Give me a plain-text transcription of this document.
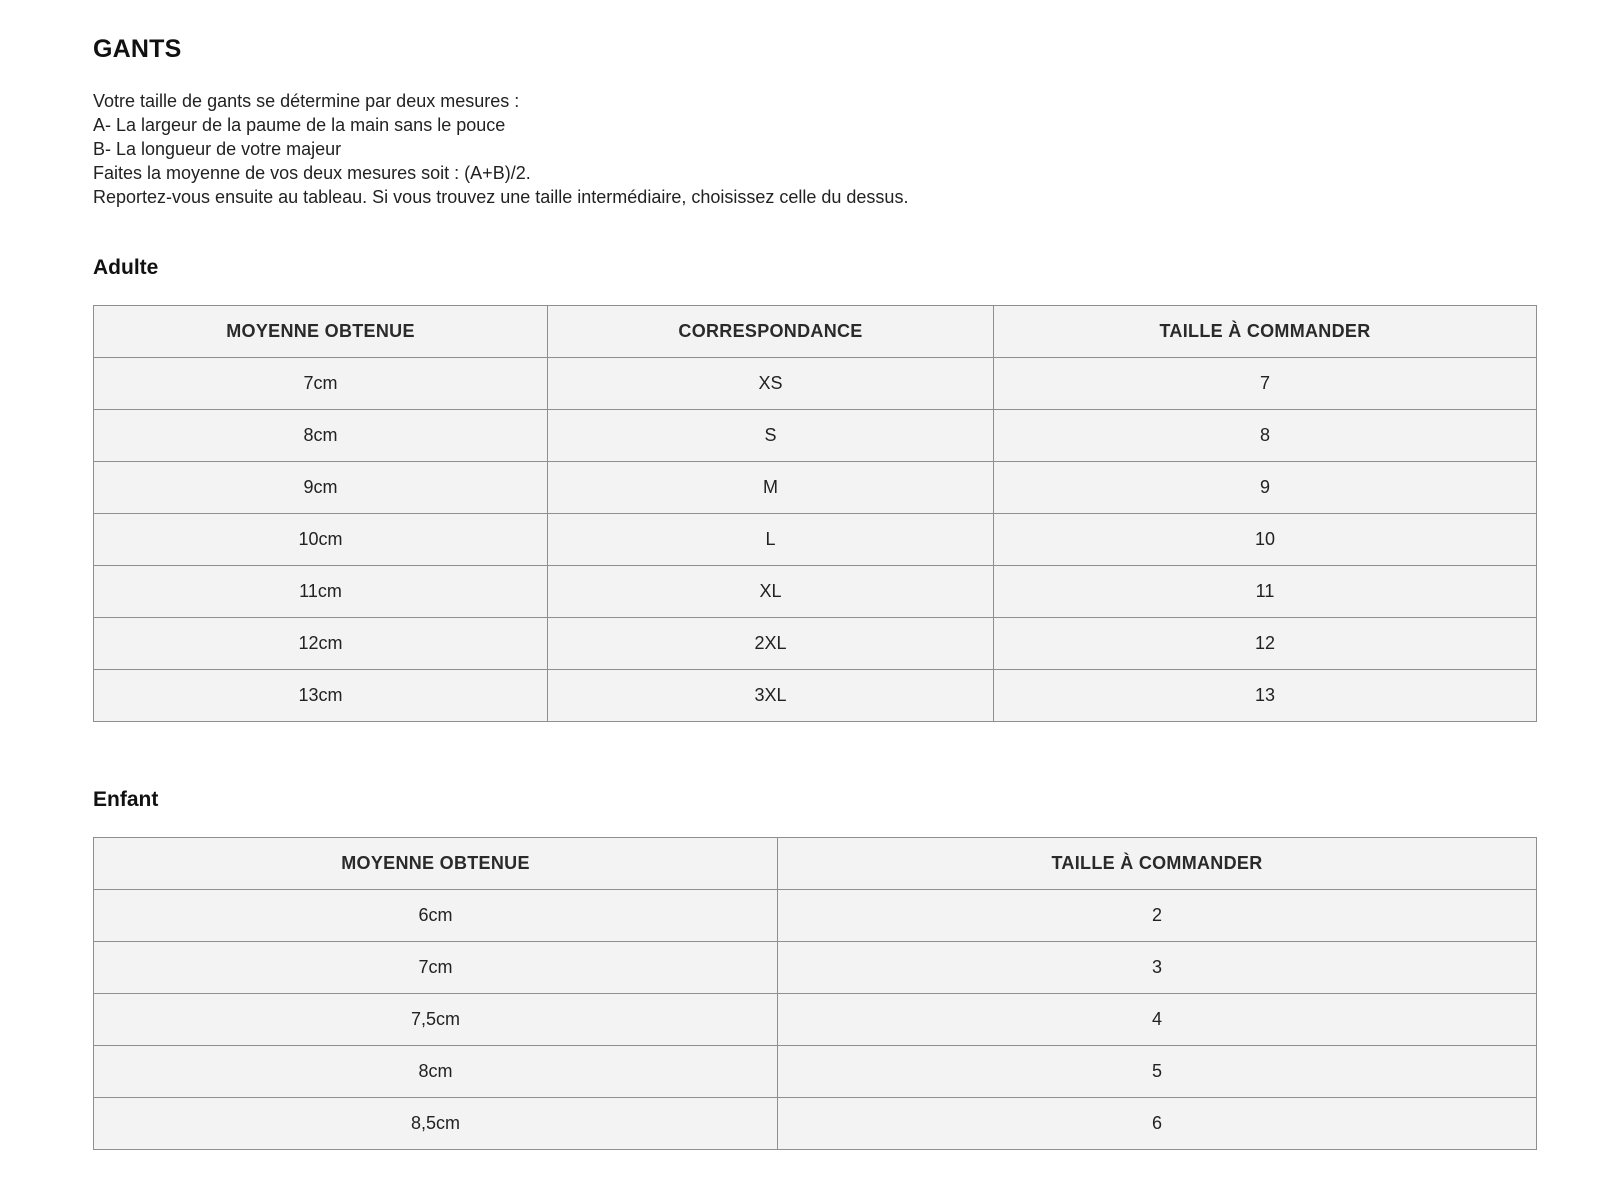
GANTS

Votre taille de gants se détermine par deux mesures :
A- La largeur de la paume de la main sans le pouce
B- La longueur de votre majeur
Faites la moyenne de vos deux mesures soit : (A+B)/2.
Reportez-vous ensuite au tableau. Si vous trouvez une taille intermédiaire, choisissez celle du dessus.

Adulte
MOYENNE OBTENUE	CORRESPONDANCE	TAILLE À COMMANDER
7cm	XS	7
8cm	S	8
9cm	M	9
10cm	L	10
11cm	XL	11
12cm	2XL	12
13cm	3XL	13
Enfant
MOYENNE OBTENUE	TAILLE À COMMANDER
6cm	2
7cm	3
7,5cm	4
8cm	5
8,5cm	6
